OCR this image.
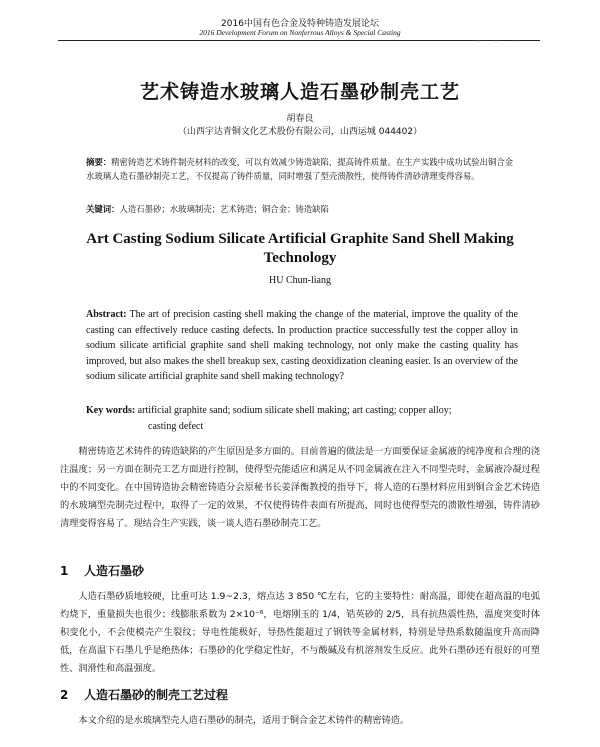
2016中国有色合金及特种铸造发展论坛
2016 Development Forum on Nonferrous Alloys & Special Casting
— — —
艺术铸造水玻璃人造石墨砂制壳工艺
胡春良
（山西宇达青铜文化艺术股份有限公司，山西运城 044402）
摘要：精密铸造艺术铸件制壳材料的改变，可以有效减少铸造缺陷，提高铸件质量。在生产实践中成功试验出铜合金水玻璃人造石墨砂制壳工艺，不仅提高了铸件质量，同时增强了型壳溃散性，使得铸件清砂清理变得容易。
关键词：人造石墨砂；水玻璃制壳；艺术铸造；铜合金；铸造缺陷
Art Casting Sodium Silicate Artificial Graphite Sand Shell Making Technology
HU Chun-liang
Abstract: The art of precision casting shell making the change of the material, improve the quality of the casting can effectively reduce casting defects. In production practice successfully test the copper alloy in sodium silicate artificial graphite sand shell making technology, not only make the casting quality has improved, but also makes the shell breakup sex, casting deoxidization cleaning easier. Is an overview of the sodium silicate artificial graphite sand shell making technology?
Key words: artificial graphite sand; sodium silicate shell making; art casting; copper alloy;
casting defect
精密铸造艺术铸件的铸造缺陷的产生原因是多方面的。目前普遍的做法是一方面要保证金属液的纯净度和合理的浇注温度；另一方面在制壳工艺方面进行控制，使得型壳能适应和满足从不同金属液在注入不同型壳时，金属液冷凝过程中的不同变化。在中国铸造协会精密铸造分会原秘书长姜泽衡教授的指导下，将人造的石墨材料应用到铜合金艺术铸造的水玻璃型壳制壳过程中，取得了一定的效果，不仅使得铸件表面有所提高，同时也使得型壳的溃散性增强，铸件清砂清理变得容易了。现结合生产实践，谈一谈人造石墨砂制壳工艺。
1 人造石墨砂
人造石墨砂质地较硬，比重可达 1.9~2.3，熔点达 3 850 ℃左右，它的主要特性：耐高温，即使在超高温的电弧灼烧下，重量损失也很少；线膨胀系数为 2×10⁻⁶，电熔刚玉的 1/4，锆英砂的 2/5，具有抗热震性热，温度突变时体积变化小，不会使模壳产生裂纹；导电性能极好，导热性能超过了钢铁等金属材料，特别是导热系数随温度升高而降低，在高温下石墨几乎是绝热体；石墨砂的化学稳定性好，不与酸碱及有机溶剂发生反应。此外石墨砂还有很好的可塑性、润滑性和高温强度。
2 人造石墨砂的制壳工艺过程
本文介绍的是水玻璃型壳人造石墨砂的制壳，适用于铜合金艺术铸件的精密铸造。
